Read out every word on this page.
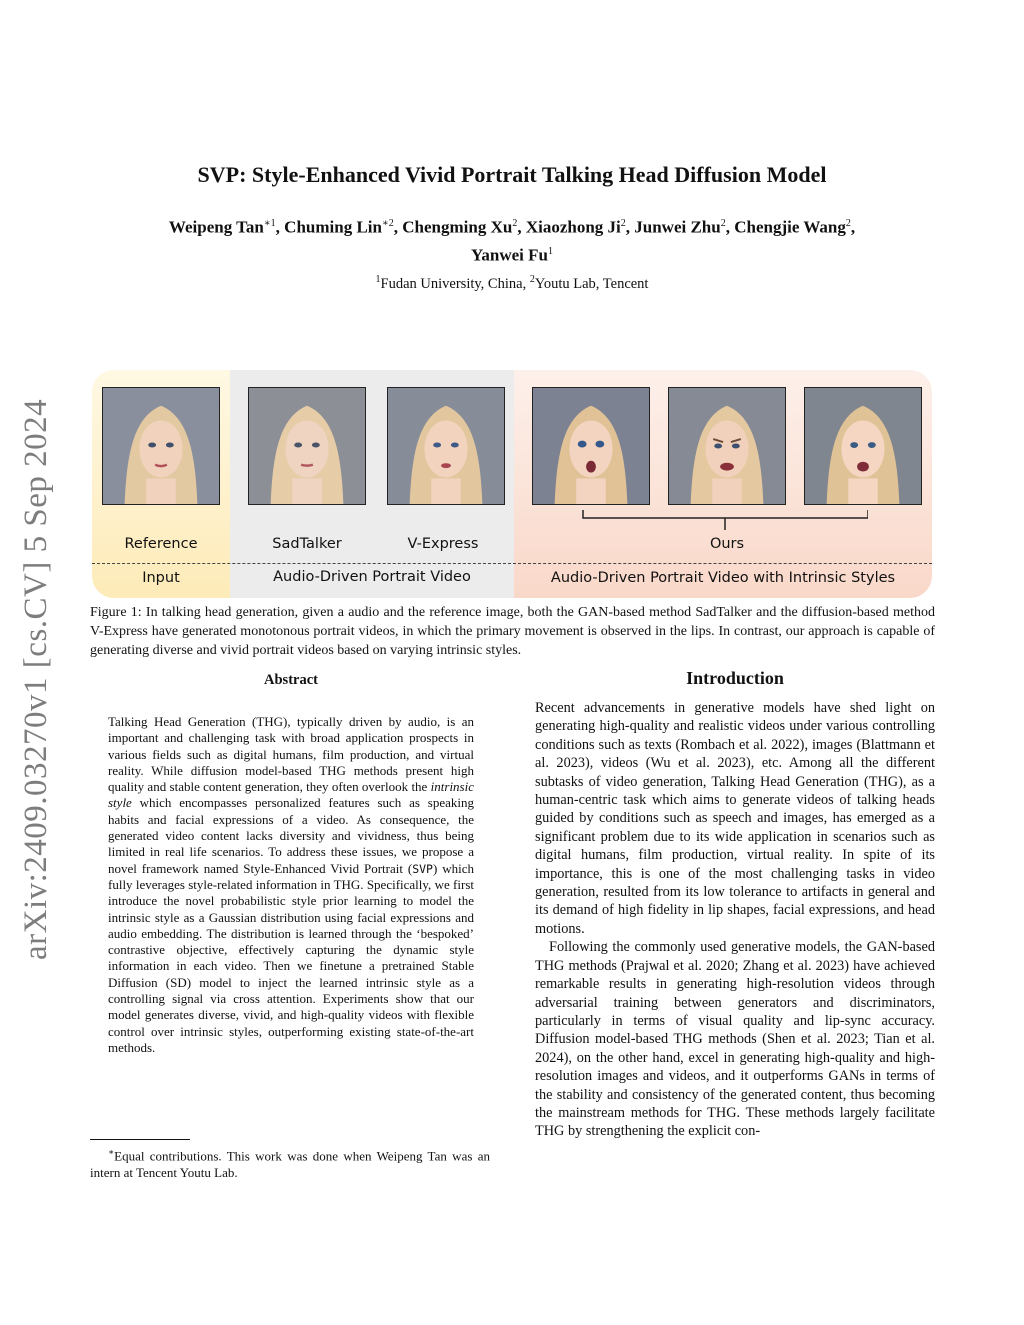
arXiv:2409.03270v1 [cs.CV] 5 Sep 2024
SVP: Style-Enhanced Vivid Portrait Talking Head Diffusion Model
Weipeng Tan$^{∗1}$, Chuming Lin$^{∗2}$, Chengming Xu$^2$, Xiaozhong Ji$^2$, Junwei Zhu$^2$, Chengjie Wang$^2$,
Yanwei Fu$^1$
$^1$Fudan University, China, $^2$Youtu Lab, Tencent
Reference	SadTalker	V-Express	Ours
Input	Audio-Driven Portrait Video	Audio-Driven Portrait Video with Intrinsic Styles
Figure 1: In talking head generation, given a audio and the reference image, both the GAN-based method SadTalker and the diffusion-based method V-Express have generated monotonous portrait videos, in which the primary movement is observed in the lips. In contrast, our approach is capable of generating diverse and vivid portrait videos based on varying intrinsic styles.
Abstract
Talking Head Generation (THG), typically driven by audio, is an important and challenging task with broad application prospects in various fields such as digital humans, film production, and virtual reality. While diffusion model-based THG methods present high quality and stable content generation, they often overlook the intrinsic style which encompasses personalized features such as speaking habits and facial expressions of a video. As consequence, the generated video content lacks diversity and vividness, thus being limited in real life scenarios. To address these issues, we propose a novel framework named Style-Enhanced Vivid Portrait (SVP) which fully leverages style-related information in THG. Specifically, we first introduce the novel probabilistic style prior learning to model the intrinsic style as a Gaussian distribution using facial expressions and audio embedding. The distribution is learned through the ‘bespoked’ contrastive objective, effectively capturing the dynamic style information in each video. Then we finetune a pretrained Stable Diffusion (SD) model to inject the learned intrinsic style as a controlling signal via cross attention. Experiments show that our model generates diverse, vivid, and high-quality videos with flexible control over intrinsic styles, outperforming existing state-of-the-art methods.
Introduction

Recent advancements in generative models have shed light on generating high-quality and realistic videos under various controlling conditions such as texts (Rombach et al. 2022), images (Blattmann et al. 2023), videos (Wu et al. 2023), etc. Among all the different subtasks of video generation, Talking Head Generation (THG), as a human-centric task which aims to generate videos of talking heads guided by conditions such as speech and images, has emerged as a significant problem due to its wide application in scenarios such as digital humans, film production, virtual reality. In spite of its importance, this is one of the most challenging tasks in video generation, resulted from its low tolerance to artifacts in general and its demand of high fidelity in lip shapes, facial expressions, and head motions.

Following the commonly used generative models, the GAN-based THG methods (Prajwal et al. 2020; Zhang et al. 2023) have achieved remarkable results in generating high-resolution videos through adversarial training between generators and discriminators, particularly in terms of visual quality and lip-sync accuracy. Diffusion model-based THG methods (Shen et al. 2023; Tian et al. 2024), on the other hand, excel in generating high-quality and high-resolution images and videos, and it outperforms GANs in terms of the stability and consistency of the generated content, thus becoming the mainstream methods for THG. These methods largely facilitate THG by strengthening the explicit con-

∗Equal contributions. This work was done when Weipeng Tan was an intern at Tencent Youtu Lab.
